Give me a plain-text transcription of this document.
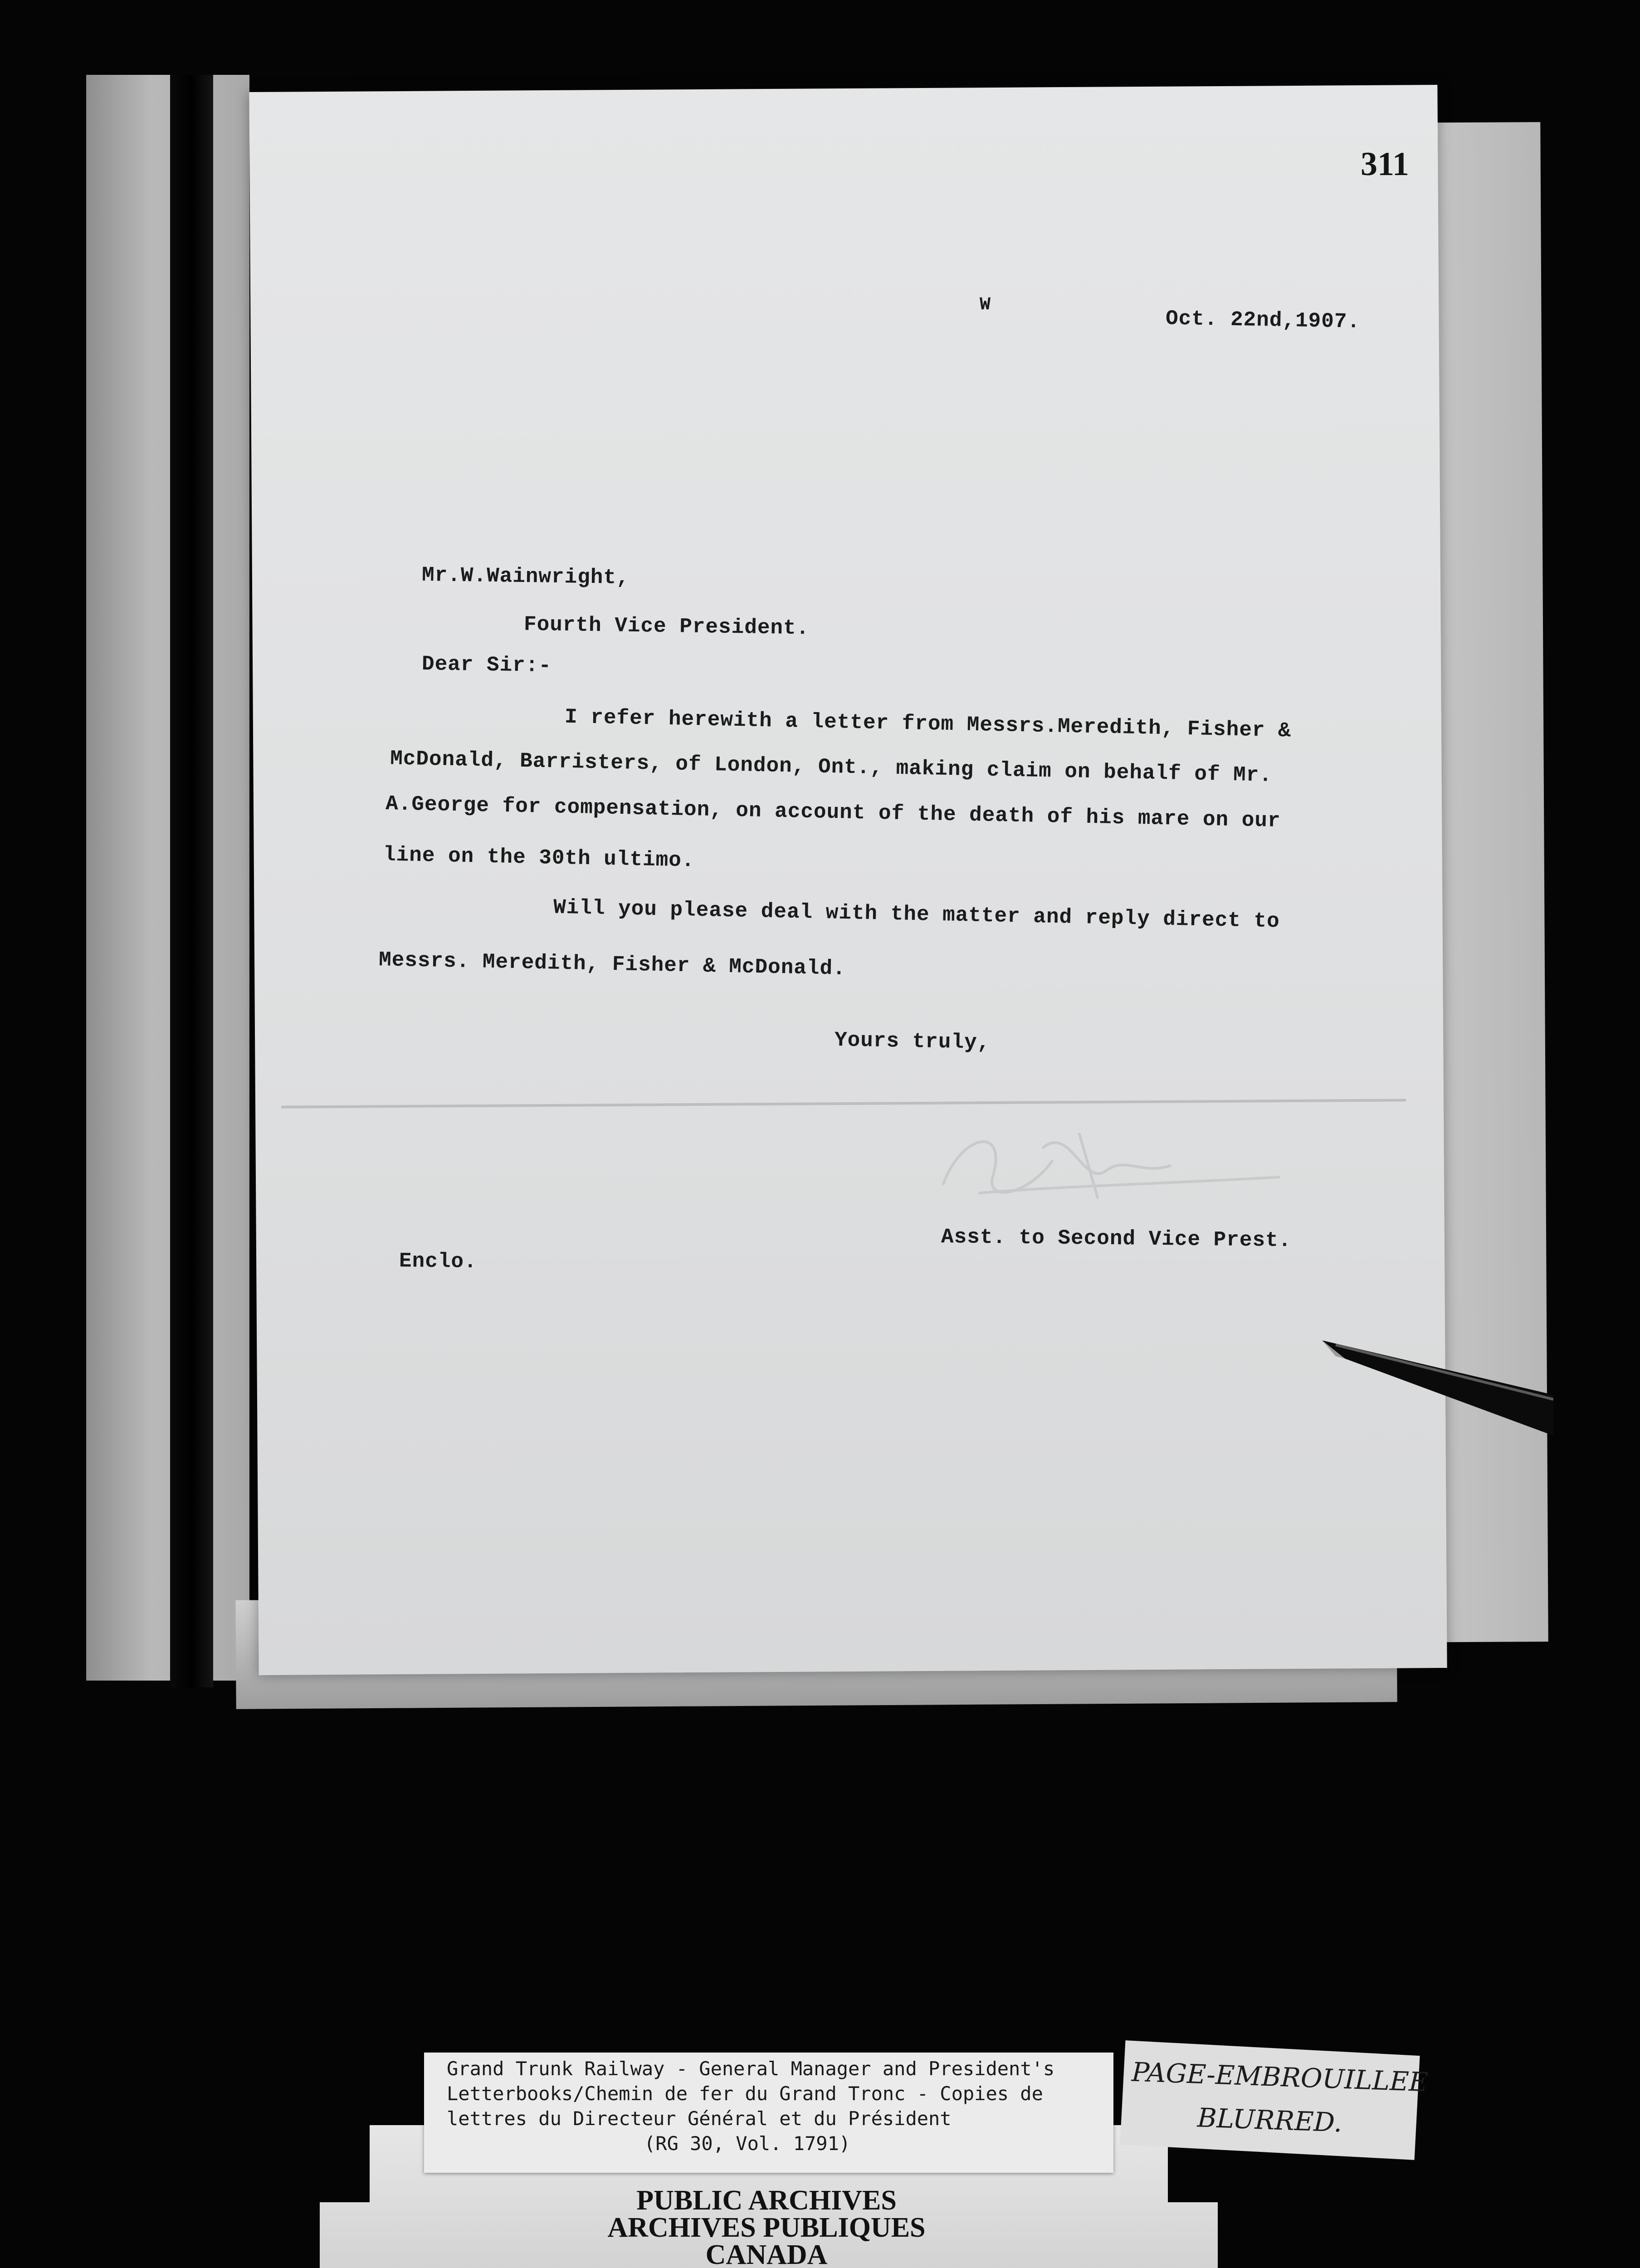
311
W
Oct. 22nd,1907.
Mr.W.Wainwright,
Fourth Vice President.
Dear Sir:-
I refer herewith a letter from Messrs.Meredith, Fisher &
McDonald, Barristers, of London, Ont., making claim on behalf of Mr.
A.George for compensation, on account of the death of his mare on our
line on the 30th ultimo.
Will you please deal with the matter and reply direct to
Messrs. Meredith, Fisher & McDonald.
Yours truly,
Asst. to Second Vice Prest.
Enclo.
Grand Trunk Railway - General Manager and President's
Letterbooks/Chemin de fer du Grand Tronc - Copies de
lettres du Directeur Général et du Président
(RG 30, Vol. 1791)
PUBLIC ARCHIVES
ARCHIVES PUBLIQUES
CANADA
PAGE-EMBROUILLEE
BLURRED.
